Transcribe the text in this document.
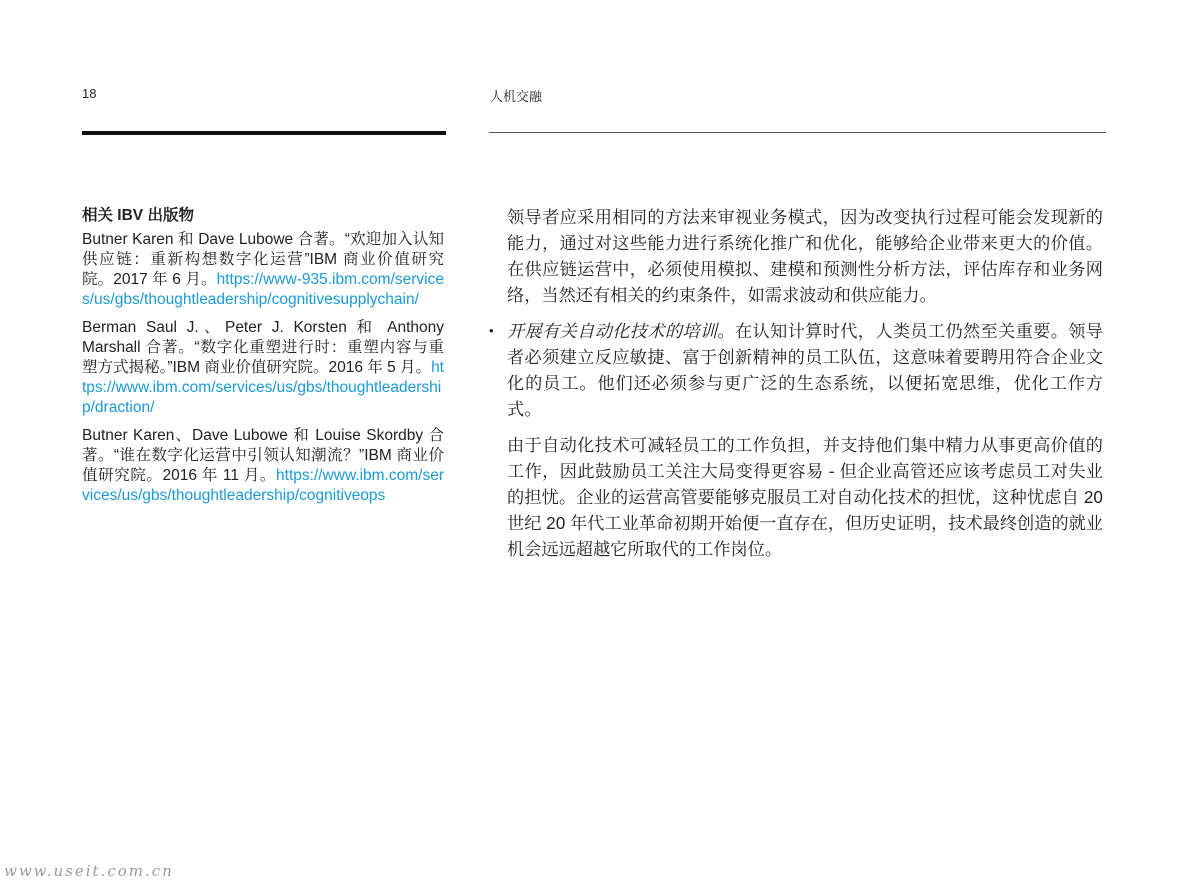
18	人机交融
相关 IBV 出版物
Butner Karen 和 Dave Lubowe 合著。“欢迎加入认知供应链：重新构想数字化运营”IBM 商业价值研究院。2017 年 6 月。https://www-935.ibm.com/services/us/gbs/thoughtleadership/cognitivesupplychain/
Berman Saul J.、Peter J. Korsten 和 Anthony Marshall 合著。“数字化重塑进行时：重塑内容与重塑方式揭秘。”IBM 商业价值研究院。2016 年 5 月。https://www.ibm.com/services/us/gbs/thoughtleadership/draction/
Butner Karen、Dave Lubowe 和 Louise Skordby 合著。“谁在数字化运营中引领认知潮流？”IBM 商业价值研究院。2016 年 11 月。https://www.ibm.com/services/us/gbs/thoughtleadership/cognitiveops

领导者应采用相同的方法来审视业务模式，因为改变执行过程可能会发现新的能力，通过对这些能力进行系统化推广和优化，能够给企业带来更大的价值。在供应链运营中，必须使用模拟、建模和预测性分析方法，评估库存和业务网络，当然还有相关的约束条件，如需求波动和供应能力。

• 开展有关自动化技术的培训。在认知计算时代，人类员工仍然至关重要。领导者必须建立反应敏捷、富于创新精神的员工队伍，这意味着要聘用符合企业文化的员工。他们还必须参与更广泛的生态系统，以便拓宽思维，优化工作方式。

由于自动化技术可减轻员工的工作负担，并支持他们集中精力从事更高价值的工作，因此鼓励员工关注大局变得更容易 - 但企业高管还应该考虑员工对失业的担忧。企业的运营高管要能够克服员工对自动化技术的担忧，这种忧虑自 20 世纪 20 年代工业革命初期开始便一直存在，但历史证明，技术最终创造的就业机会远远超越它所取代的工作岗位。

www.useit.com.cn
